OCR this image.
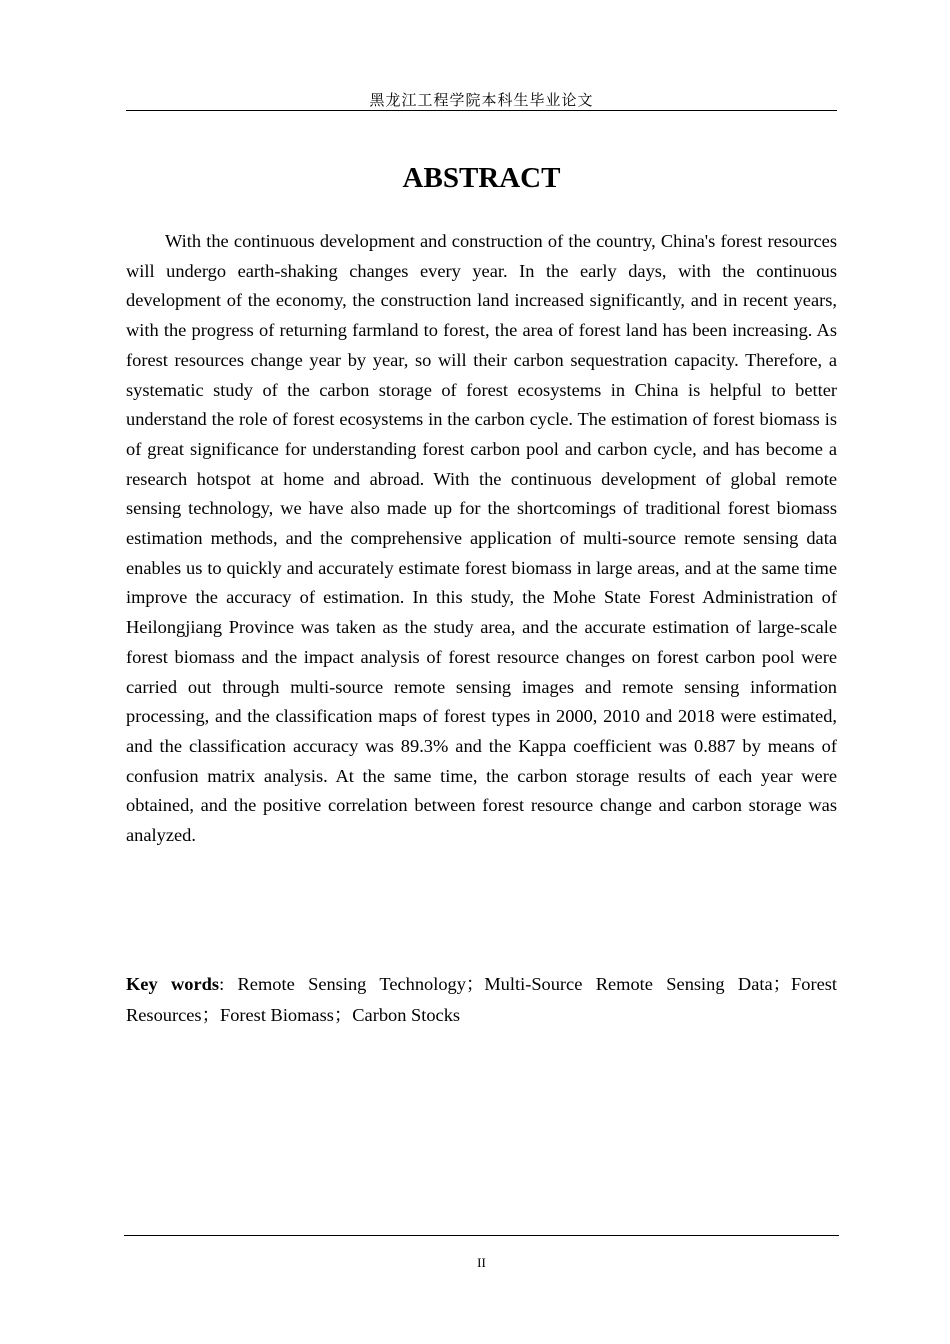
黑龙江工程学院本科生毕业论文
ABSTRACT

With the continuous development and construction of the country, China's forest resources will undergo earth-shaking changes every year. In the early days, with the continuous development of the economy, the construction land increased significantly, and in recent years, with the progress of returning farmland to forest, the area of forest land has been increasing. As forest resources change year by year, so will their carbon sequestration capacity. Therefore, a systematic study of the carbon storage of forest ecosystems in China is helpful to better understand the role of forest ecosystems in the carbon cycle. The estimation of forest biomass is of great significance for understanding forest carbon pool and carbon cycle, and has become a research hotspot at home and abroad. With the continuous development of global remote sensing technology, we have also made up for the shortcomings of traditional forest biomass estimation methods, and the comprehensive application of multi-source remote sensing data enables us to quickly and accurately estimate forest biomass in large areas, and at the same time improve the accuracy of estimation. In this study, the Mohe State Forest Administration of Heilongjiang Province was taken as the study area, and the accurate estimation of large-scale forest biomass and the impact analysis of forest resource changes on forest carbon pool were carried out through multi-source remote sensing images and remote sensing information processing, and the classification maps of forest types in 2000, 2010 and 2018 were estimated, and the classification accuracy was 89.3% and the Kappa coefficient was 0.887 by means of confusion matrix analysis. At the same time, the carbon storage results of each year were obtained, and the positive correlation between forest resource change and carbon storage was analyzed.

Key words: Remote Sensing Technology；Multi-Source Remote Sensing Data；Forest Resources；Forest Biomass；Carbon Stocks

II
